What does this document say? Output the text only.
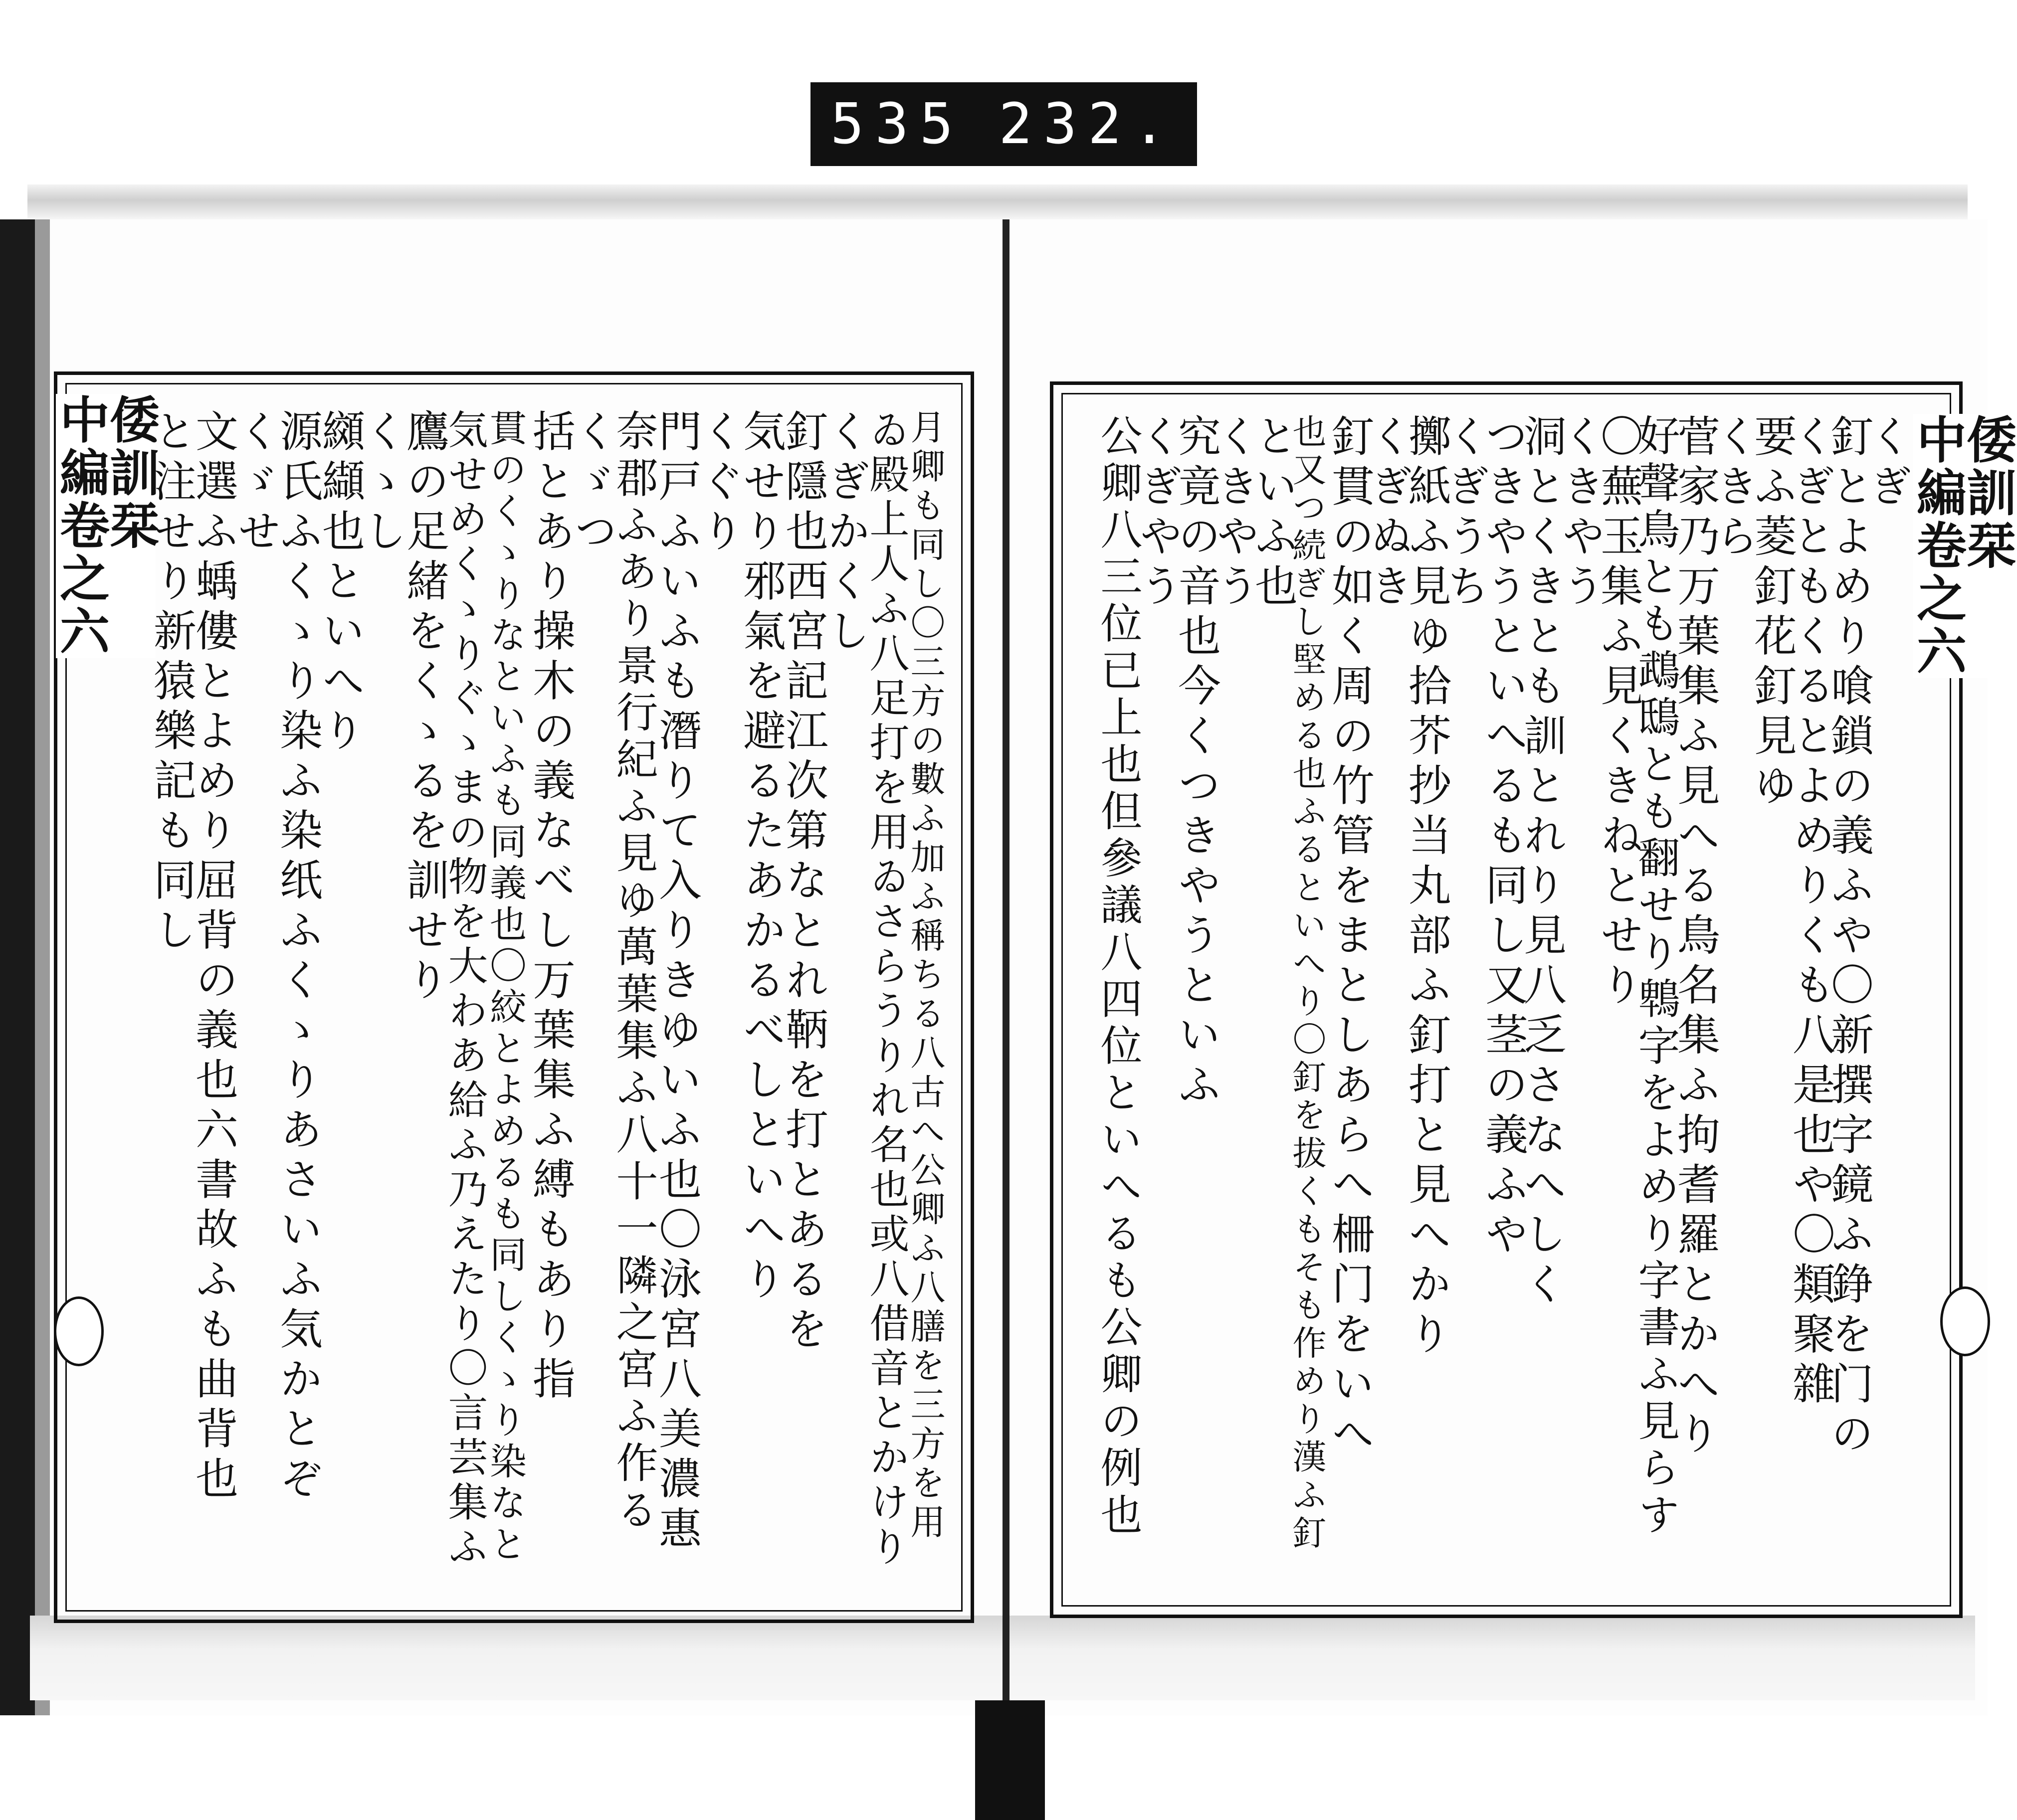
535 232.
倭訓栞
中編卷之六	月卿も同し〇三方の數ふ加ふ稱ちる八古へ公卿ふ八膳を三方を用
ゐ殿上人ふ八足打を用ゐさらうりれ名也或八借音とかけり
くぎかくし
釘隱也西宮記江次第なとれ鞆を打とあるを
気せり邪氣を避るたあかるべしといへり
くぐり
門戸ふいふも潛りて入りきゆいふ也〇泳宮八美濃惠
奈郡ふあり景行紀ふ見ゆ萬葉集ふ八十一隣之宮ふ作る
くゞつ
括とあり操木の義なべし万葉集ふ縛もあり指
貫のくゝりなといふも同義也〇絞とよめるも同しくゝり染なと
気せめくゝりぐゝまの物を大わあ給ふ乃えたり〇言芸集ふ
鷹の足緒をくゝるを訓せり
くゝし
纐纈也といへり
源氏ふくゝり染ふ染纸ふくゝりあさいふ気かとぞ
くゞせ
文選ふ蝺僂とよめり屈背の義也六書故ふも曲背也
と注せり新猿樂記も同し	倭訓栞
中編卷之六
くぎ
釘とよめり喰鎖の義ふや〇新撰字鏡ふ錚を门の
くぎともくるとよめりくも八是也や〇類聚雜
要ふ菱釘花釘見ゆ
くきら
菅家乃万葉集ふ見へる鳥名集ふ拘耆羅とかへり
好聲鳥とも鵡鴟とも翻せり鵯字をよめり字書ふ見らす
〇蕪玉集ふ見くきねとせり
くきやう
洞とくきとも訓とれり見八乏さなへしく
つきやうといへるも同し又茎の義ふや
くぎうち
擲紙ふ見ゆ拾芥抄当丸部ふ釘打と見へかり
くぎぬき
釘貫の如く周の竹管をまとしあらへ柵门をいへ
也又つ続ぎし堅める也ふるといへり〇釘を拔くもそも作めり漢ふ釘
といふ也
くきやう
究竟の音也今くつきやうといふ
くぎやう
公卿八三位已上也但參議八四位といへるも公卿の例也
